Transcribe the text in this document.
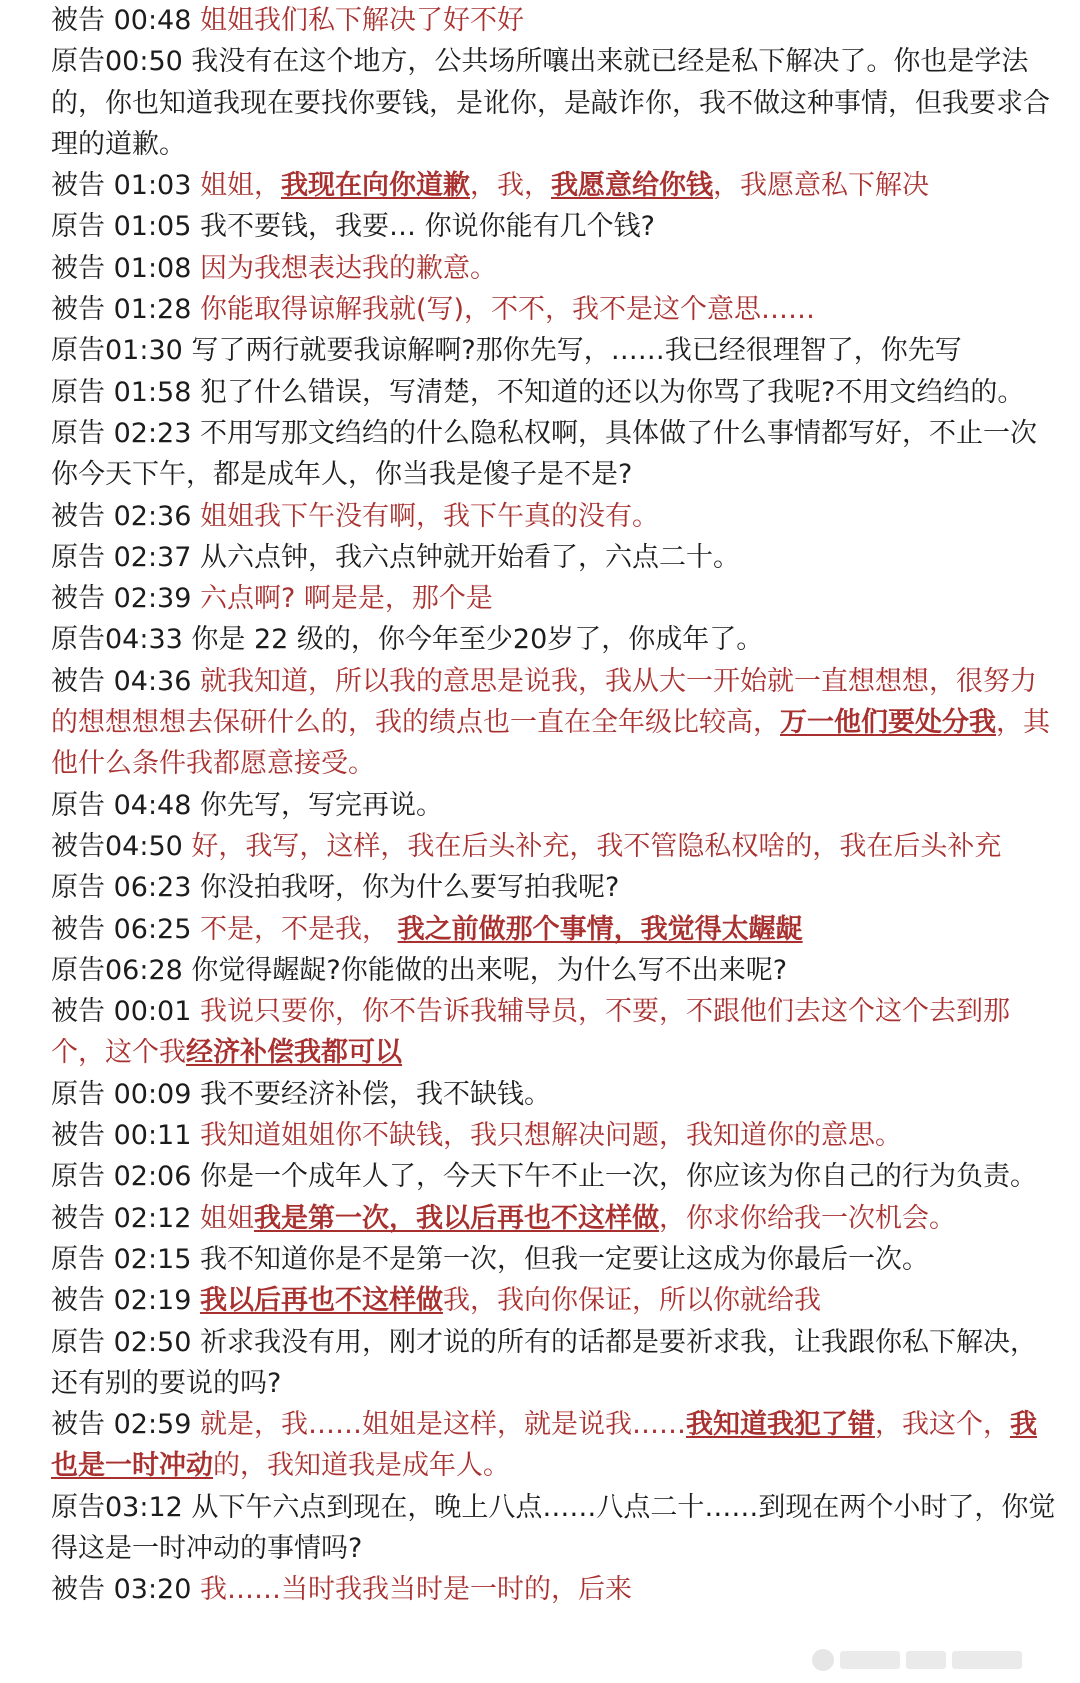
被告 00:48 姐姐我们私下解决了好不好

原告00:50 我没有在这个地方，公共场所嚷出来就已经是私下解决了。你也是学法的，你也知道我现在要找你要钱，是讹你，是敲诈你，我不做这种事情，但我要求合理的道歉。

被告 01:03 姐姐，我现在向你道歉，我，我愿意给你钱，我愿意私下解决

原告 01:05 我不要钱，我要… 你说你能有几个钱?

被告 01:08 因为我想表达我的歉意。

被告 01:28 你能取得谅解我就(写)，不不，我不是这个意思……

原告01:30 写了两行就要我谅解啊?那你先写，……我已经很理智了，你先写

原告 01:58 犯了什么错误，写清楚，不知道的还以为你骂了我呢?不用文绉绉的。

原告 02:23 不用写那文绉绉的什么隐私权啊，具体做了什么事情都写好，不止一次你今天下午，都是成年人，你当我是傻子是不是?

被告 02:36 姐姐我下午没有啊，我下午真的没有。

原告 02:37 从六点钟，我六点钟就开始看了，六点二十。

被告 02:39 六点啊? 啊是是，那个是

原告04:33 你是 22 级的，你今年至少20岁了，你成年了。

被告 04:36 就我知道，所以我的意思是说我，我从大一开始就一直想想想，很努力的想想想想去保研什么的，我的绩点也一直在全年级比较高，万一他们要处分我，其他什么条件我都愿意接受。

原告 04:48 你先写，写完再说。

被告04:50 好，我写，这样，我在后头补充，我不管隐私权啥的，我在后头补充

原告 06:23 你没拍我呀，你为什么要写拍我呢?

被告 06:25 不是，不是我， 我之前做那个事情，我觉得太龌龊

原告06:28 你觉得龌龊?你能做的出来呢，为什么写不出来呢?

被告 00:01 我说只要你，你不告诉我辅导员，不要，不跟他们去这个这个去到那个，这个我经济补偿我都可以

原告 00:09 我不要经济补偿，我不缺钱。

被告 00:11 我知道姐姐你不缺钱，我只想解决问题，我知道你的意思。

原告 02:06 你是一个成年人了，今天下午不止一次，你应该为你自己的行为负责。

被告 02:12 姐姐我是第一次，我以后再也不这样做，你求你给我一次机会。

原告 02:15 我不知道你是不是第一次，但我一定要让这成为你最后一次。

被告 02:19 我以后再也不这样做我，我向你保证，所以你就给我

原告 02:50 祈求我没有用，刚才说的所有的话都是要祈求我，让我跟你私下解决，还有别的要说的吗?

被告 02:59 就是，我……姐姐是这样，就是说我……我知道我犯了错，我这个，我也是一时冲动的，我知道我是成年人。

原告03:12 从下午六点到现在，晚上八点……八点二十……到现在两个小时了，你觉得这是一时冲动的事情吗?

被告 03:20 我……当时我我当时是一时的，后来
